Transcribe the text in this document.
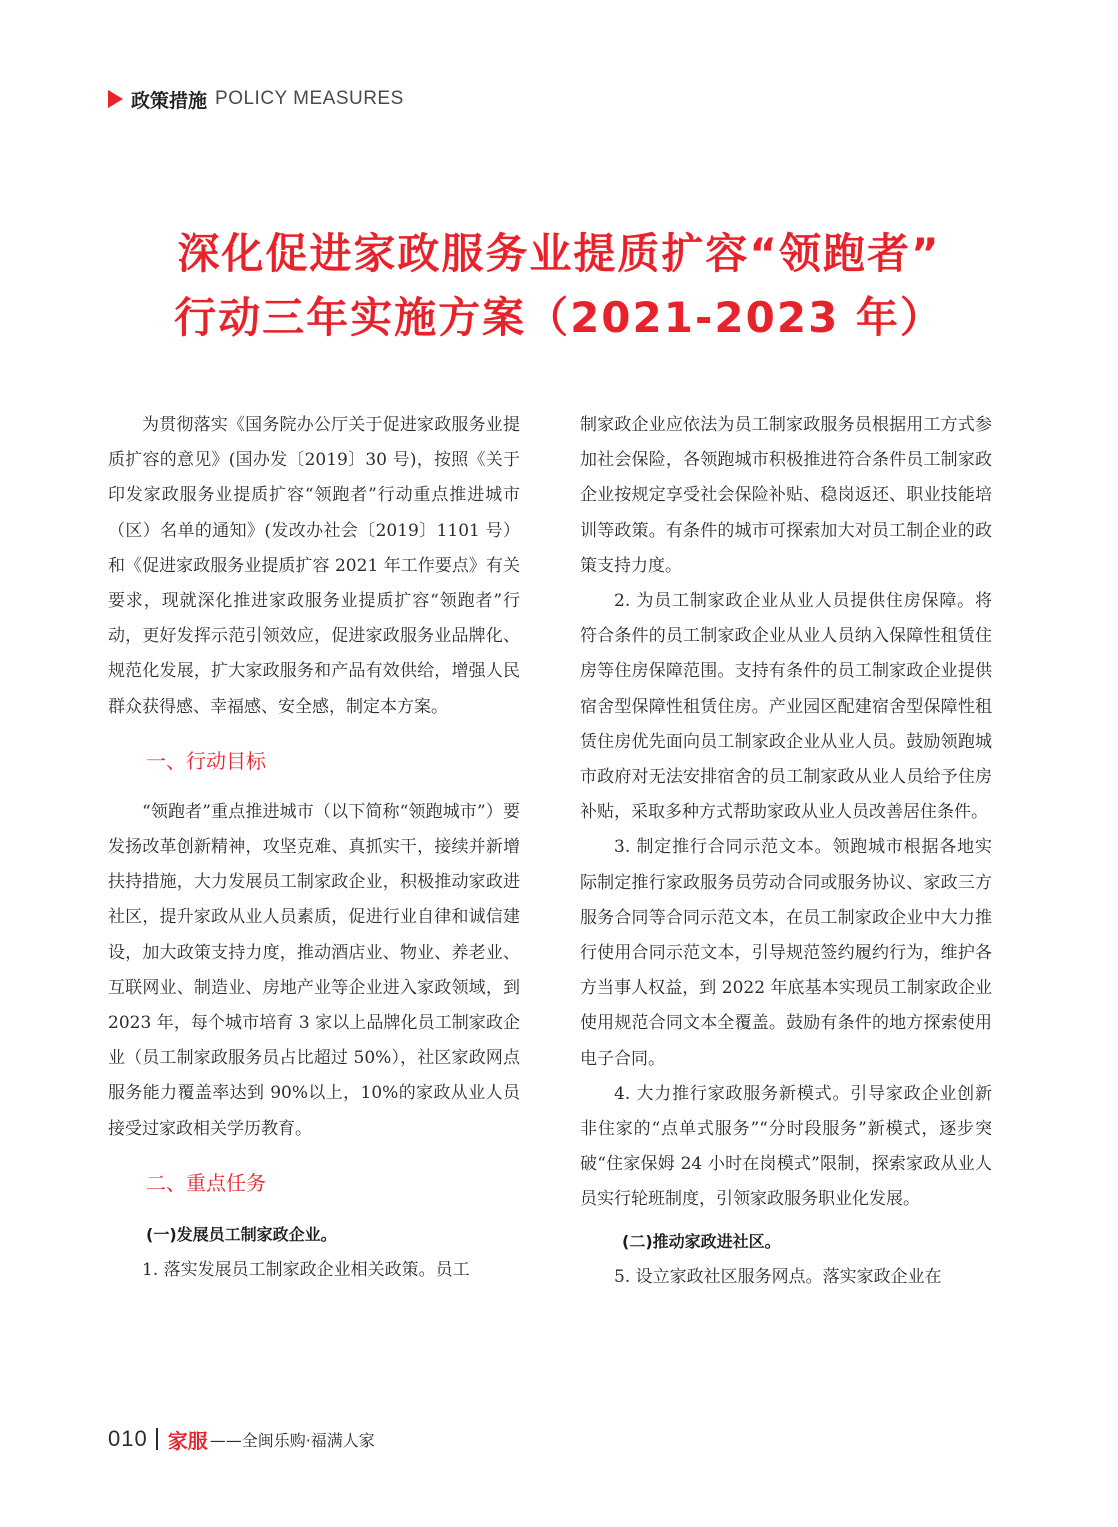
政策措施 POLICY MEASURES
深化促进家政服务业提质扩容“领跑者”
行动三年实施方案（2021-2023 年）

为贯彻落实《国务院办公厅关于促进家政服务业提质扩容的意见》(国办发〔2019〕30 号)，按照《关于印发家政服务业提质扩容“领跑者”行动重点推进城市（区）名单的通知》(发改办社会〔2019〕1101 号）和《促进家政服务业提质扩容 2021 年工作要点》有关要求，现就深化推进家政服务业提质扩容“领跑者”行动，更好发挥示范引领效应，促进家政服务业品牌化、规范化发展，扩大家政服务和产品有效供给，增强人民群众获得感、幸福感、安全感，制定本方案。

一、行动目标

“领跑者”重点推进城市（以下简称“领跑城市”）要发扬改革创新精神，攻坚克难、真抓实干，接续并新增扶持措施，大力发展员工制家政企业，积极推动家政进社区，提升家政从业人员素质，促进行业自律和诚信建设，加大政策支持力度，推动酒店业、物业、养老业、互联网业、制造业、房地产业等企业进入家政领域，到 2023 年，每个城市培育 3 家以上品牌化员工制家政企业（员工制家政服务员占比超过 50%），社区家政网点服务能力覆盖率达到 90%以上，10%的家政从业人员接受过家政相关学历教育。

二、重点任务
(一)发展员工制家政企业。

1. 落实发展员工制家政企业相关政策。员工

制家政企业应依法为员工制家政服务员根据用工方式参加社会保险，各领跑城市积极推进符合条件员工制家政企业按规定享受社会保险补贴、稳岗返还、职业技能培训等政策。有条件的城市可探索加大对员工制企业的政策支持力度。

2. 为员工制家政企业从业人员提供住房保障。将符合条件的员工制家政企业从业人员纳入保障性租赁住房等住房保障范围。支持有条件的员工制家政企业提供宿舍型保障性租赁住房。产业园区配建宿舍型保障性租赁住房优先面向员工制家政企业从业人员。鼓励领跑城市政府对无法安排宿舍的员工制家政从业人员给予住房补贴，采取多种方式帮助家政从业人员改善居住条件。

3. 制定推行合同示范文本。领跑城市根据各地实际制定推行家政服务员劳动合同或服务协议、家政三方服务合同等合同示范文本，在员工制家政企业中大力推行使用合同示范文本，引导规范签约履约行为，维护各方当事人权益，到 2022 年底基本实现员工制家政企业使用规范合同文本全覆盖。鼓励有条件的地方探索使用电子合同。

4. 大力推行家政服务新模式。引导家政企业创新非住家的“点单式服务”“分时段服务”新模式，逐步突破“住家保姆 24 小时在岗模式”限制，探索家政从业人员实行轮班制度，引领家政服务职业化发展。

(二)推动家政进社区。

5. 设立家政社区服务网点。落实家政企业在

010 家服 ——全闽乐购·福满人家
